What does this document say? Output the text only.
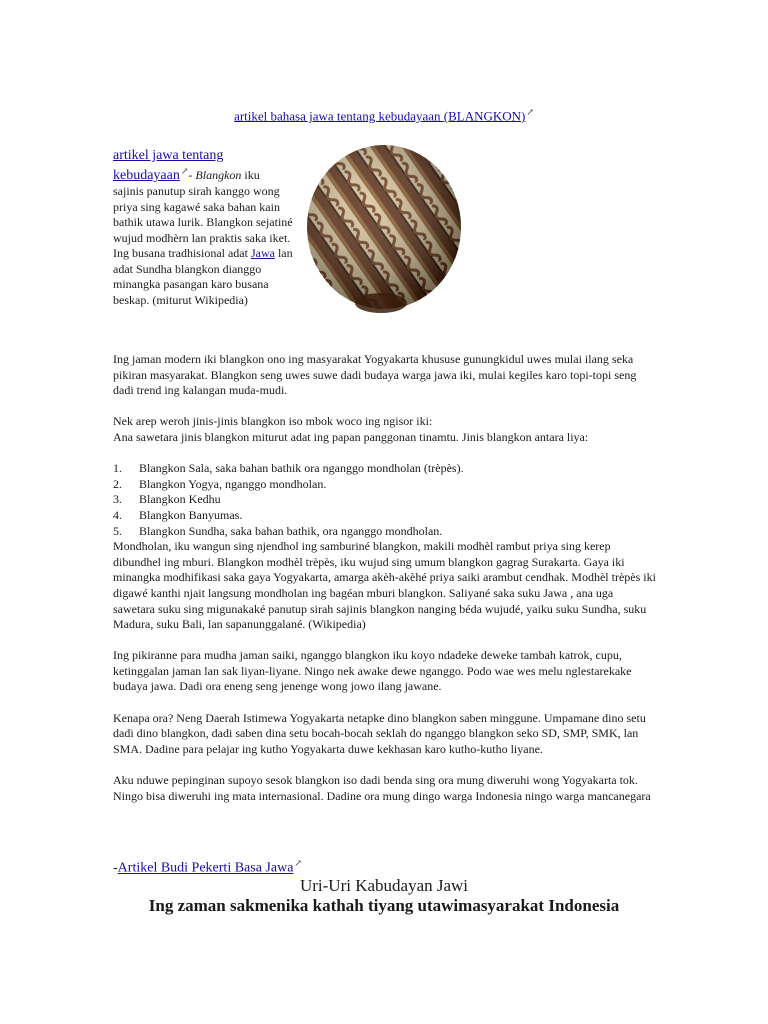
artikel bahasa jawa tentang kebudayaan (BLANGKON)↗

artikel jawa tentang
kebudayaan↗- Blangkon iku sajinis panutup sirah kanggo wong priya sing kagawé saka bahan kain bathik utawa lurik. Blangkon sejatiné wujud modhèrn lan praktis saka iket. Ing busana tradhisional adat Jawa lan adat Sundha blangkon dianggo minangka pasangan karo busana beskap. (miturut Wikipedia)

Ing jaman modern iki blangkon ono ing masyarakat Yogyakarta khususe gunungkidul uwes mulai ilang seka pikiran masyarakat. Blangkon seng uwes suwe dadi budaya warga jawa iki, mulai kegiles karo topi-topi seng dadi trend ing kalangan muda-mudi.

Nek arep weroh jinis-jinis blangkon iso mbok woco ing ngisor iki:

Ana sawetara jinis blangkon miturut adat ing papan panggonan tinamtu. Jinis blangkon antara liya:

1.	Blangkon Sala, saka bahan bathik ora nganggo mondholan (trèpès).
2.	Blangkon Yogya, nganggo mondholan.
3.	Blangkon Kedhu
4.	Blangkon Banyumas.
5.	Blangkon Sundha, saka bahan bathik, ora nganggo mondholan.

Mondholan, iku wangun sing njendhol ing samburiné blangkon, makili modhèl rambut priya sing kerep dibundhel ing mburi. Blangkon modhèl trèpès, iku wujud sing umum blangkon gagrag Surakarta. Gaya iki minangka modhifikasi saka gaya Yogyakarta, amarga akèh-akèhé priya saiki arambut cendhak. Modhèl trèpès iki digawé kanthi njait langsung mondholan ing bagéan mburi blangkon. Saliyané saka suku Jawa , ana uga sawetara suku sing migunakaké panutup sirah sajinis blangkon nanging béda wujudé, yaiku suku Sundha, suku Madura, suku Bali, lan sapanunggalané. (Wikipedia)

Ing pikiranne para mudha jaman saiki, nganggo blangkon iku koyo ndadeke deweke tambah katrok, cupu, ketinggalan jaman lan sak liyan-liyane. Ningo nek awake dewe nganggo. Podo wae wes melu nglestarekake budaya jawa. Dadi ora eneng seng jenenge wong jowo ilang jawane.

Kenapa ora? Neng Daerah Istimewa Yogyakarta netapke dino blangkon saben minggune. Umpamane dino setu dadi dino blangkon, dadi saben dina setu bocah-bocah seklah do nganggo blangkon seko SD, SMP, SMK, lan SMA. Dadine para pelajar ing kutho Yogyakarta duwe kekhasan karo kutho-kutho liyane.

Aku nduwe pepinginan supoyo sesok blangkon iso dadi benda sing ora mung diweruhi wong Yogyakarta tok. Ningo bisa diweruhi ing mata internasional. Dadine ora mung dingo warga Indonesia ningo warga mancanegara

-Artikel Budi Pekerti Basa Jawa↗
Uri-Uri Kabudayan Jawi
Ing zaman sakmenika kathah tiyang utawimasyarakat Indonesia
